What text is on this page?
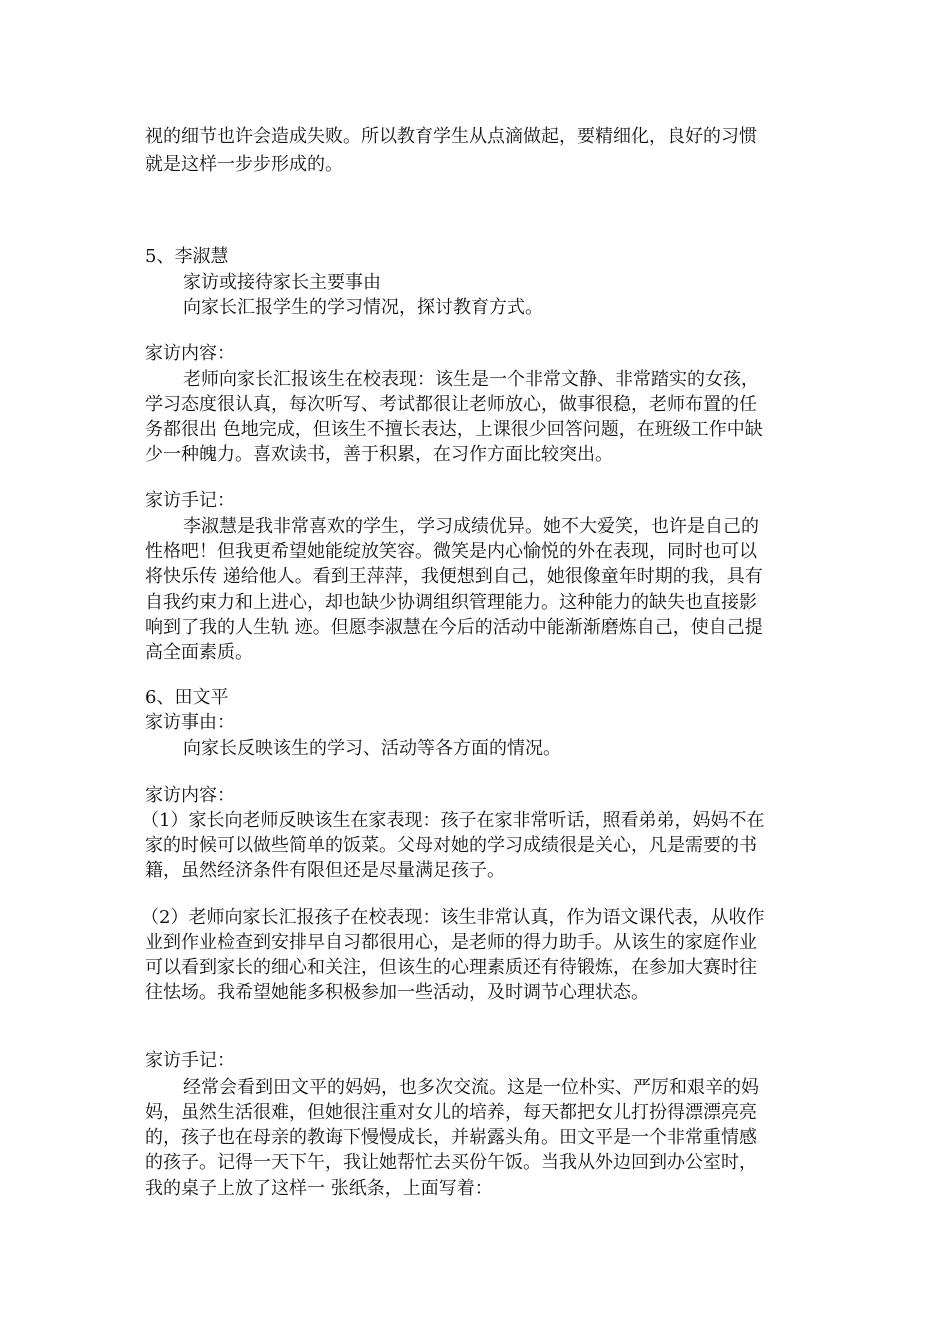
视的细节也许会造成失败。所以教育学生从点滴做起，要精细化，良好的习惯
就是这样一步步形成的。
5、李淑慧
家访或接待家长主要事由
向家长汇报学生的学习情况，探讨教育方式。
家访内容：
老师向家长汇报该生在校表现：该生是一个非常文静、非常踏实的女孩，
学习态度很认真，每次听写、考试都很让老师放心，做事很稳，老师布置的任
务都很出 色地完成，但该生不擅长表达，上课很少回答问题，在班级工作中缺
少一种魄力。喜欢读书，善于积累，在习作方面比较突出。
家访手记：
李淑慧是我非常喜欢的学生，学习成绩优异。她不大爱笑，也许是自己的
性格吧！但我更希望她能绽放笑容。微笑是内心愉悦的外在表现，同时也可以
将快乐传 递给他人。看到王萍萍，我便想到自己，她很像童年时期的我，具有
自我约束力和上进心，却也缺少协调组织管理能力。这种能力的缺失也直接影
响到了我的人生轨 迹。但愿李淑慧在今后的活动中能渐渐磨炼自己，使自己提
高全面素质。
6、田文平
家访事由：
向家长反映该生的学习、活动等各方面的情况。
家访内容：
（1）家长向老师反映该生在家表现：孩子在家非常听话，照看弟弟，妈妈不在
家的时候可以做些简单的饭菜。父母对她的学习成绩很是关心，凡是需要的书
籍，虽然经济条件有限但还是尽量满足孩子。
（2）老师向家长汇报孩子在校表现：该生非常认真，作为语文课代表，从收作
业到作业检查到安排早自习都很用心，是老师的得力助手。从该生的家庭作业
可以看到家长的细心和关注，但该生的心理素质还有待锻炼，在参加大赛时往
往怯场。我希望她能多积极参加一些活动，及时调节心理状态。
家访手记：
经常会看到田文平的妈妈，也多次交流。这是一位朴实、严厉和艰辛的妈
妈，虽然生活很难，但她很注重对女儿的培养，每天都把女儿打扮得漂漂亮亮
的，孩子也在母亲的教诲下慢慢成长，并崭露头角。田文平是一个非常重情感
的孩子。记得一天下午，我让她帮忙去买份午饭。当我从外边回到办公室时，
我的桌子上放了这样一 张纸条，上面写着：
